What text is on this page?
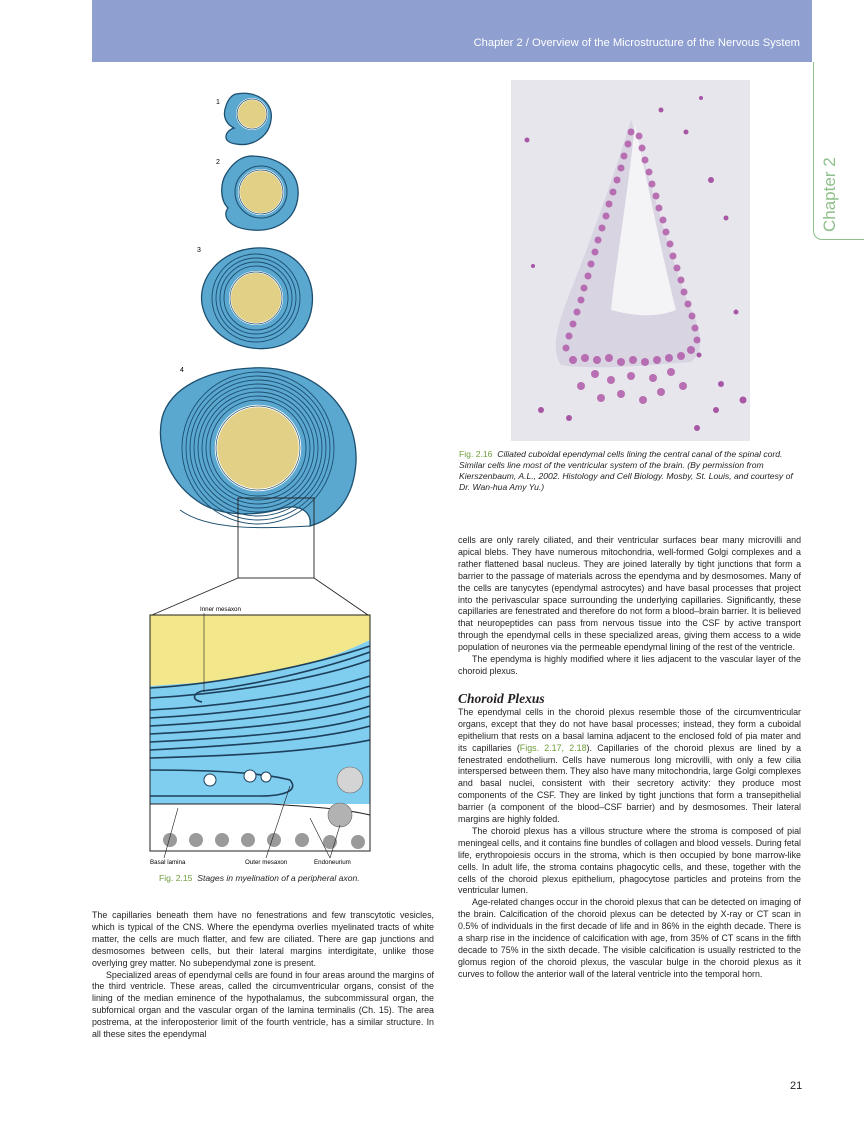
Chapter 2 / Overview of the Microstructure of the Nervous System
Chapter 2
1
2
3
4
Inner mesaxon
Basal lamina	Outer mesaxon	Endoneurium
Fig. 2.15 Stages in myelination of a peripheral axon.
Fig. 2.16 Ciliated cuboidal ependymal cells lining the central canal of the spinal cord. Similar cells line most of the ventricular system of the brain. (By permission from Kierszenbaum, A.L., 2002. Histology and Cell Biology. Mosby, St. Louis, and courtesy of Dr. Wan-hua Amy Yu.)

The capillaries beneath them have no fenestrations and few transcytotic vesicles, which is typical of the CNS. Where the ependyma overlies myelinated tracts of white matter, the cells are much flatter, and few are ciliated. There are gap junctions and desmosomes between cells, but their lateral margins interdigitate, unlike those overlying grey matter. No subependymal zone is present.

Specialized areas of ependymal cells are found in four areas around the margins of the third ventricle. These areas, called the circumventricular organs, consist of the lining of the median eminence of the hypothalamus, the subcommissural organ, the subfornical organ and the vascular organ of the lamina terminalis (Ch. 15). The area postrema, at the inferoposterior limit of the fourth ventricle, has a similar structure. In all these sites the ependymal

cells are only rarely ciliated, and their ventricular surfaces bear many microvilli and apical blebs. They have numerous mitochondria, well-formed Golgi complexes and a rather flattened basal nucleus. They are joined laterally by tight junctions that form a barrier to the passage of materials across the ependyma and by desmosomes. Many of the cells are tanycytes (ependymal astrocytes) and have basal processes that project into the perivascular space surrounding the underlying capillaries. Significantly, these capillaries are fenestrated and therefore do not form a blood–brain barrier. It is believed that neuropeptides can pass from nervous tissue into the CSF by active transport through the ependymal cells in these specialized areas, giving them access to a wide population of neurones via the permeable ependymal lining of the rest of the ventricle.

The ependyma is highly modified where it lies adjacent to the vascular layer of the choroid plexus.

Choroid Plexus

The ependymal cells in the choroid plexus resemble those of the circumventricular organs, except that they do not have basal processes; instead, they form a cuboidal epithelium that rests on a basal lamina adjacent to the enclosed fold of pia mater and its capillaries (Figs. 2.17, 2.18). Capillaries of the choroid plexus are lined by a fenestrated endothelium. Cells have numerous long microvilli, with only a few cilia interspersed between them. They also have many mitochondria, large Golgi complexes and basal nuclei, consistent with their secretory activity: they produce most components of the CSF. They are linked by tight junctions that form a transepithelial barrier (a component of the blood–CSF barrier) and by desmosomes. Their lateral margins are highly folded.

The choroid plexus has a villous structure where the stroma is composed of pial meningeal cells, and it contains fine bundles of collagen and blood vessels. During fetal life, erythropoiesis occurs in the stroma, which is then occupied by bone marrow-like cells. In adult life, the stroma contains phagocytic cells, and these, together with the cells of the choroid plexus epithelium, phagocytose particles and proteins from the ventricular lumen.

Age-related changes occur in the choroid plexus that can be detected on imaging of the brain. Calcification of the choroid plexus can be detected by X-ray or CT scan in 0.5% of individuals in the first decade of life and in 86% in the eighth decade. There is a sharp rise in the incidence of calcification with age, from 35% of CT scans in the fifth decade to 75% in the sixth decade. The visible calcification is usually restricted to the glomus region of the choroid plexus, the vascular bulge in the choroid plexus as it curves to follow the anterior wall of the lateral ventricle into the temporal horn.

21
